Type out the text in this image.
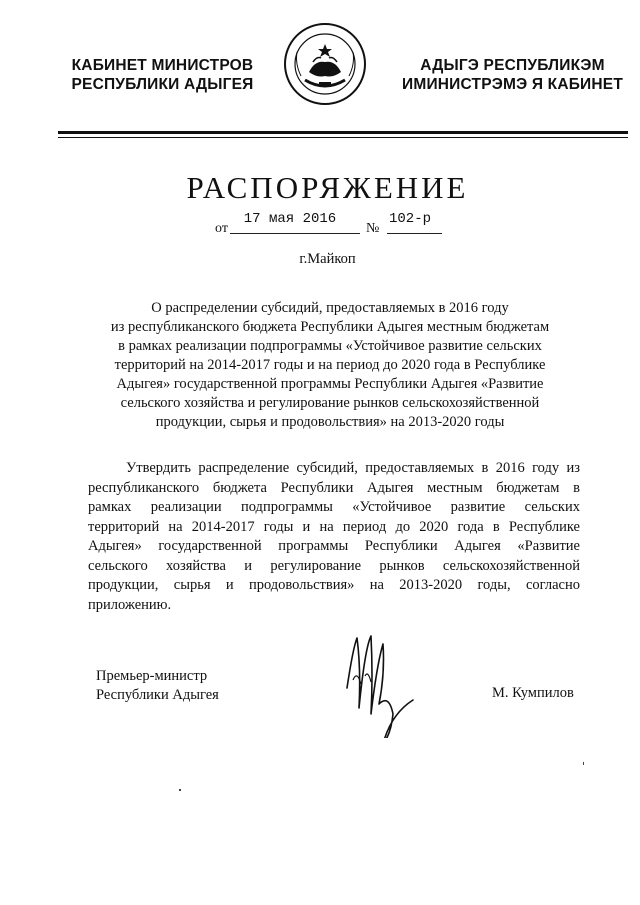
КАБИНЕТ МИНИСТРОВ
РЕСПУБЛИКИ АДЫГЕЯ
АДЫГЭ РЕСПУБЛИКЭМ
ИМИНИСТРЭМЭ Я КАБИНЕТ
РАСПОРЯЖЕНИЕ
от
17 мая 2016
№
102-р
г.Майкоп
О распределении субсидий, предоставляемых в 2016 году
из республиканского бюджета Республики Адыгея местным бюджетам
в рамках реализации подпрограммы «Устойчивое развитие сельских
территорий на 2014-2017 годы и на период до 2020 года в Республике
Адыгея» государственной программы Республики Адыгея «Развитие
сельского хозяйства и регулирование рынков сельскохозяйственной
продукции, сырья и продовольствия» на 2013-2020 годы
Утвердить распределение субсидий, предоставляемых в 2016 году из
республиканского бюджета Республики Адыгея местным бюджетам в
рамках реализации подпрограммы «Устойчивое развитие сельских
территорий на 2014-2017 годы и на период до 2020 года в Республике
Адыгея» государственной программы Республики Адыгея «Развитие
сельского хозяйства и регулирование рынков сельскохозяйственной
продукции, сырья и продовольствия» на 2013-2020 годы, согласно
приложению.
Премьер-министр
Республики Адыгея	М. Кумпилов
